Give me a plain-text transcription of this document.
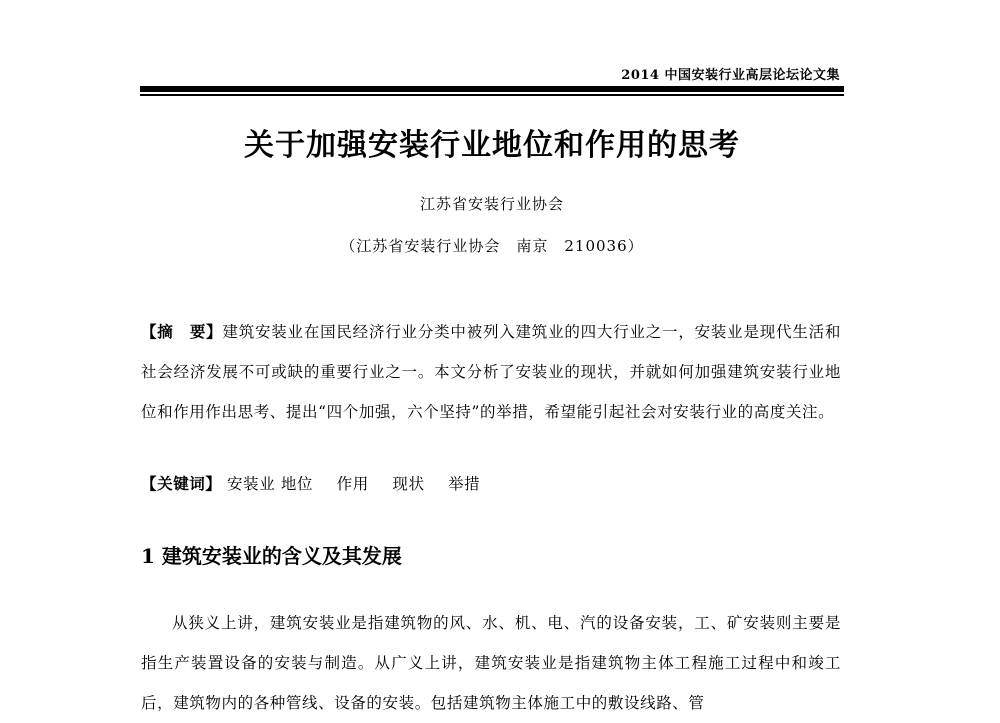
2014 中国安装行业高层论坛论文集
关于加强安装行业地位和作用的思考
江苏省安装行业协会
（江苏省安装行业协会　南京　210036）
【摘　要】建筑安装业在国民经济行业分类中被列入建筑业的四大行业之一，安装业是现代生活和社会经济发展不可或缺的重要行业之一。本文分析了安装业的现状，并就如何加强建筑安装行业地位和作用作出思考、提出“四个加强，六个坚持”的举措，希望能引起社会对安装行业的高度关注。
【关键词】 安装业 地位 作用 现状 举措
1 建筑安装业的含义及其发展
从狭义上讲，建筑安装业是指建筑物的风、水、机、电、汽的设备安装，工、矿安装则主要是指生产装置设备的安装与制造。从广义上讲，建筑安装业是指建筑物主体工程施工过程中和竣工后，建筑物内的各种管线、设备的安装。包括建筑物主体施工中的敷设线路、管
